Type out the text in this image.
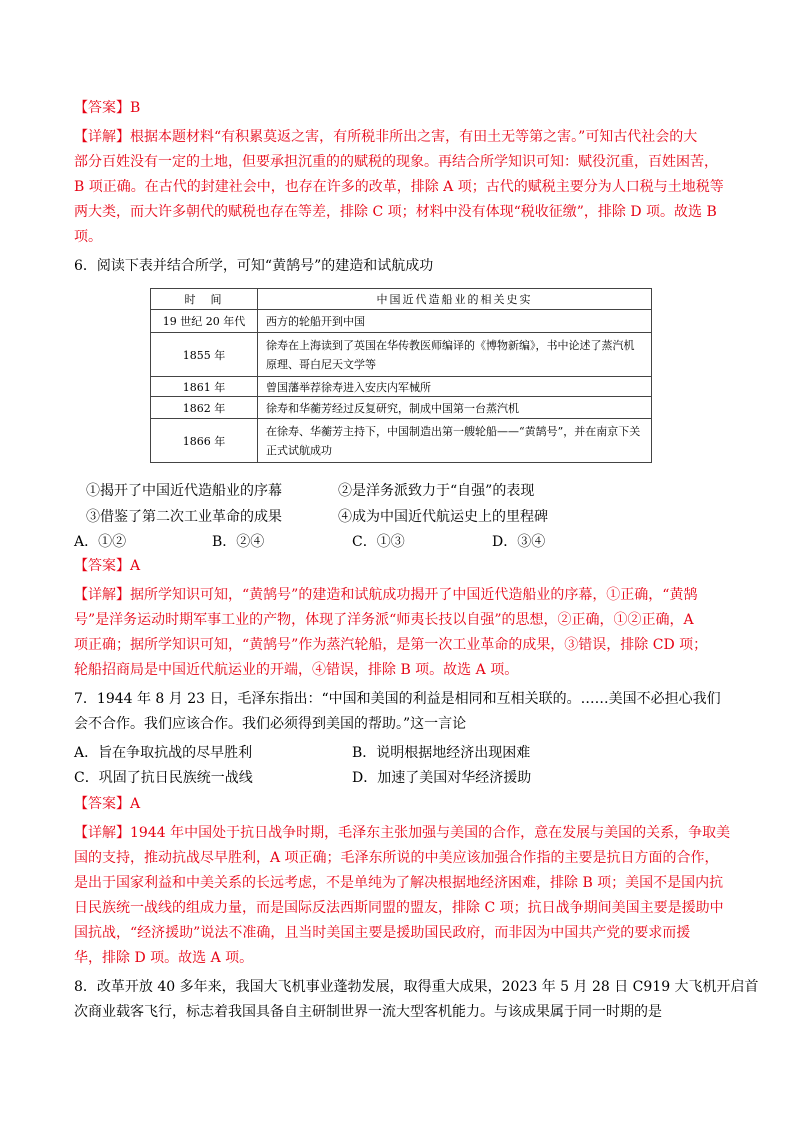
【答案】B
【详解】根据本题材料“有积累莫返之害，有所税非所出之害，有田土无等第之害。”可知古代社会的大
部分百姓没有一定的土地，但要承担沉重的的赋税的现象。再结合所学知识可知：赋役沉重，百姓困苦，
B 项正确。在古代的封建社会中，也存在许多的改革，排除 A 项；古代的赋税主要分为人口税与土地税等
两大类，而大许多朝代的赋税也存在等差，排除 C 项；材料中没有体现“税收征缴”，排除 D 项。故选 B
项。
6．阅读下表并结合所学，可知“黄鹄号”的建造和试航成功
时　间	中国近代造船业的相关史实
19 世纪 20 年代	西方的轮船开到中国
1855 年	徐寿在上海读到了英国在华传教医师编译的《博物新编》，书中论述了蒸汽机原理、哥白尼天文学等
1861 年	曾国藩举荐徐寿进入安庆内军械所
1862 年	徐寿和华蘅芳经过反复研究，制成中国第一台蒸汽机
1866 年	在徐寿、华蘅芳主持下，中国制造出第一艘轮船——“黄鹄号”，并在南京下关正式试航成功
①揭开了中国近代造船业的序幕	②是洋务派致力于“自强”的表现
③借鉴了第二次工业革命的成果	④成为中国近代航运史上的里程碑
A．①②	B．②④	C．①③	D．③④
【答案】A
【详解】据所学知识可知，“黄鹄号”的建造和试航成功揭开了中国近代造船业的序幕，①正确，“黄鹄
号”是洋务运动时期军事工业的产物，体现了洋务派“师夷长技以自强”的思想，②正确，①②正确，A
项正确；据所学知识可知，“黄鹄号”作为蒸汽轮船，是第一次工业革命的成果，③错误，排除 CD 项；
轮船招商局是中国近代航运业的开端，④错误，排除 B 项。故选 A 项。
7．1944 年 8 月 23 日，毛泽东指出：“中国和美国的利益是相同和互相关联的。……美国不必担心我们
会不合作。我们应该合作。我们必须得到美国的帮助。”这一言论
A．旨在争取抗战的尽早胜利	B．说明根据地经济出现困难
C．巩固了抗日民族统一战线	D．加速了美国对华经济援助
【答案】A
【详解】1944 年中国处于抗日战争时期，毛泽东主张加强与美国的合作，意在发展与美国的关系，争取美
国的支持，推动抗战尽早胜利，A 项正确；毛泽东所说的中美应该加强合作指的主要是抗日方面的合作，
是出于国家利益和中美关系的长远考虑，不是单纯为了解决根据地经济困难，排除 B 项；美国不是国内抗
日民族统一战线的组成力量，而是国际反法西斯同盟的盟友，排除 C 项；抗日战争期间美国主要是援助中
国抗战，“经济援助”说法不准确，且当时美国主要是援助国民政府，而非因为中国共产党的要求而援
华，排除 D 项。故选 A 项。
8．改革开放 40 多年来，我国大飞机事业蓬勃发展，取得重大成果，2023 年 5 月 28 日 C919 大飞机开启首
次商业载客飞行，标志着我国具备自主研制世界一流大型客机能力。与该成果属于同一时期的是
